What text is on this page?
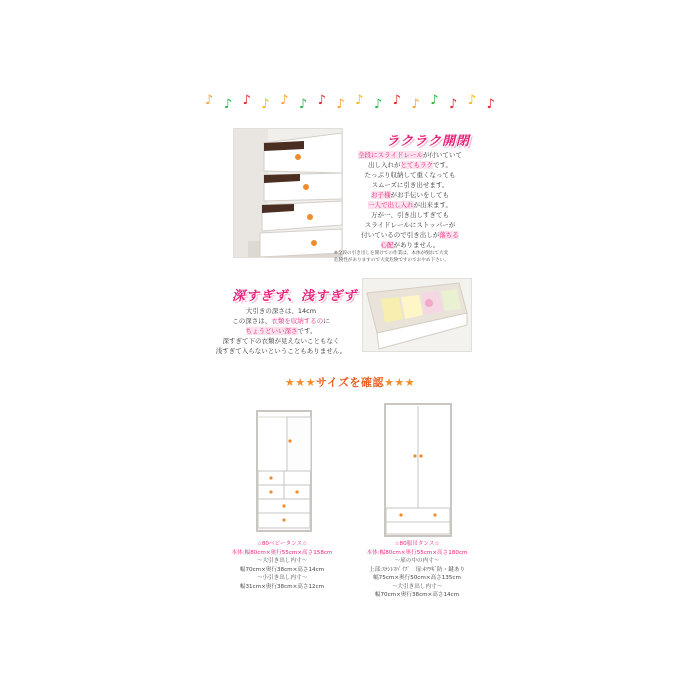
♪ ♪ ♪ ♪ ♪ ♪ ♪ ♪ ♪ ♪ ♪ ♪ ♪ ♪ ♪ ♪
ラクラク開閉
全段にスライドレールが付いていて
出し入れがとてもラクです。
たっぷり収納して重くなっても
スムーズに引き出せます。
お子様がお手伝いをしても
一人で出し入れが出来ます。
万が一、引き出しすぎても
スライドレールにストッパーが
付いているので引き出しが落ちる
心配がありません。
※全段の引き出しを開けての作業は、本体が倒れて大変
危険性がありますので大変危険ですのでおやめ下さい。
深すぎず、浅すぎず
大引きの深さは、14cm
この深さは、衣類を収納するのに
ちょうどいい深さです。
深すぎて下の衣類が見えないこともなく
浅すぎて入らないということもありません。
★★★サイズを確認★★★
☆80ベビータンス☆
本体:幅80cm×奥行55cm×高さ158cm
～大引き出し内寸～
幅70cm×奥行38cm×高さ14cm
～小引き出し内寸～
幅31cm×奥行38cm×高さ12cm
☆80服吊タンス☆
本体:幅80cm×奥行55cm×高さ180cm
～扉の中の内寸～
上部:ｽﾃﾝﾚｽﾊﾟｲﾌﾟ　扉:ｷﾂﾂｷﾞ防・鍵あり
幅75cm×奥行50cm×高さ135cm
～大引き出し内寸～
幅70cm×奥行38cm×高さ14cm
